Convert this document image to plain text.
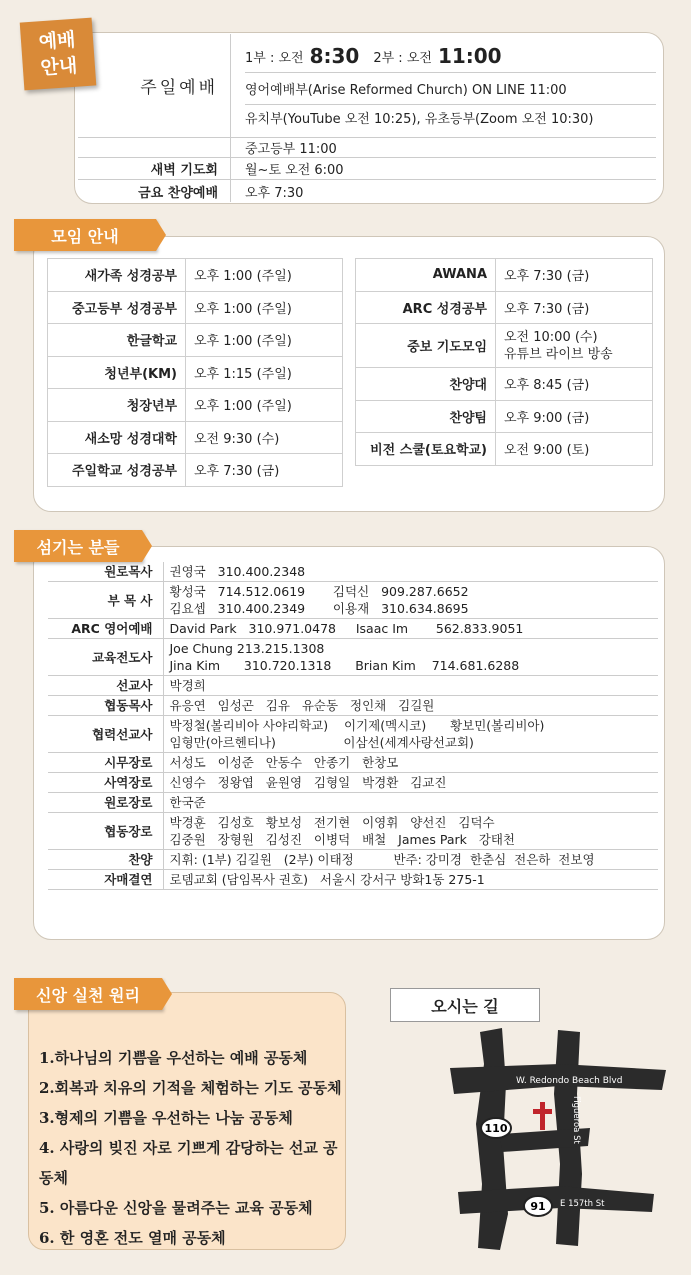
예배
안내
주일예배
1부 : 오전 8:30 2부 : 오전 11:00
영어예배부(Arise Reformed Church) ON LINE 11:00
유치부(YouTube 오전 10:25), 유초등부(Zoom 오전 10:30)
중고등부 11:00
새벽 기도회	월~토 오전 6:00
금요 찬양예배	오후 7:30
모임 안내
새가족 성경공부	오후 1:00 (주일)
중고등부 성경공부	오후 1:00 (주일)
한글학교	오후 1:00 (주일)
청년부(KM)	오후 1:15 (주일)
청장년부	오후 1:00 (주일)
새소망 성경대학	오전 9:30 (수)
주일학교 성경공부	오후 7:30 (금)
AWANA	오후 7:30 (금)
ARC 성경공부	오후 7:30 (금)
중보 기도모임	오전 10:00 (수)
유튜브 라이브 방송

찬양대	오후 8:45 (금)
찬양팀	오후 9:00 (금)
비전 스쿨(토요학교)	오전 9:00 (토)
섬기는 분들
원로목사	권영국   310.400.2348

부 목 사	황성국   714.512.0619       김덕신   909.287.6652
김요셉   310.400.2349       이용재   310.634.8695

ARC 영어예배	David Park   310.971.0478     Isaac Im       562.833.9051

교육전도사	Joe Chung 213.215.1308
Jina Kim      310.720.1318      Brian Kim    714.681.6288

선교사	박경희

협동목사	유응연   임성곤   김유   유순동   정인채   김길원

협력선교사	박정철(볼리비아 사야리학교)    이기제(멕시코)      황보민(볼리비아)
임형만(아르헨티나)                 이삼선(세계사랑선교회)

시무장로	서성도   이성준   안동수   안종기   한창모

사역장로	신영수   정왕엽   윤원영   김형일   박경환   김교진

원로장로	한국준

협동장로	박경훈   김성호   황보성   전기현   이영휘   양선진   김덕수
김중원   장형원   김성진   이병덕   배철   James Park   강태천

찬양	지휘: (1부) 김길원   (2부) 이태정          반주: 강미경  한춘심  전은하  전보영

자매결연	로뎀교회 (담임목사 권호)   서울시 강서구 방화1동 275-1
1.하나님의 기쁨을 우선하는 예배 공동체
2.회복과 치유의 기적을 체험하는 기도 공동체
3.형제의 기쁨을 우선하는 나눔 공동체
4. 사랑의 빚진 자로 기쁘게 감당하는 선교 공동체
5. 아름다운 신앙을 물려주는 교육 공동체
6. 한 영혼 전도 열매 공동체
신앙 실천 원리
오시는 길
W. Redondo Beach Blvd
Figueroa St
E 157th St
110
91
